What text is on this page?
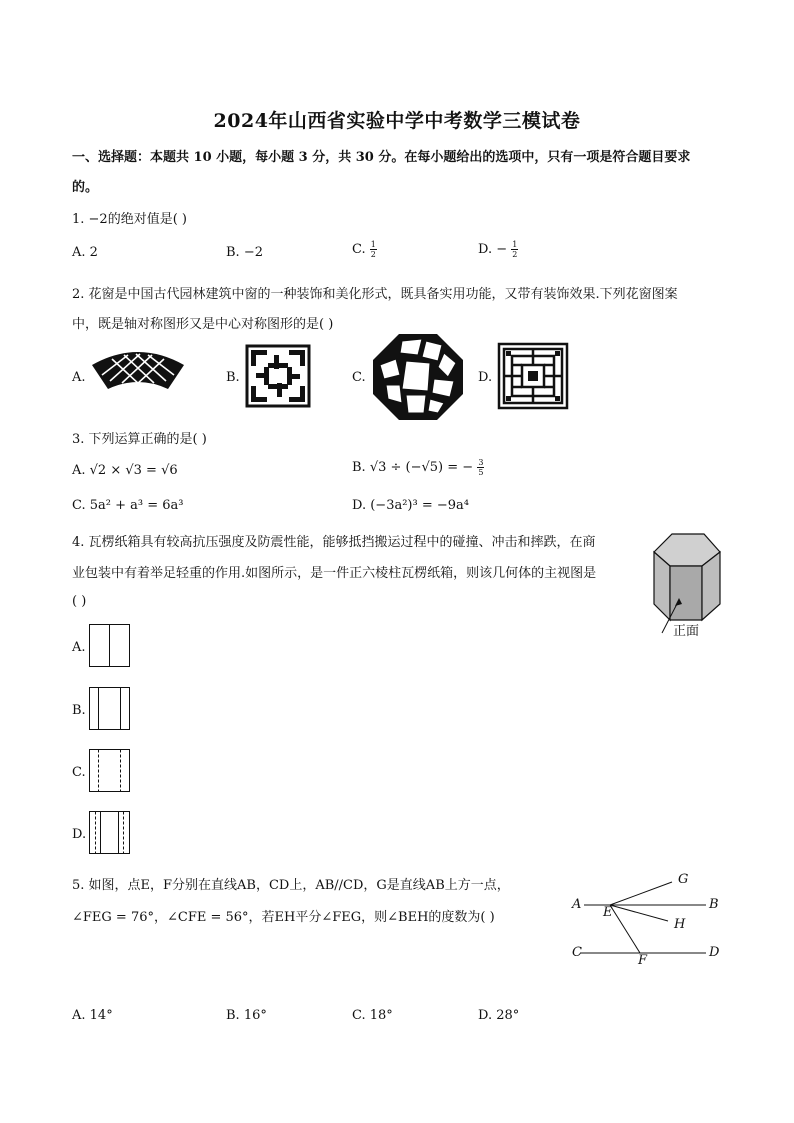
2024年山西省实验中学中考数学三模试卷
一、选择题：本题共 10 小题，每小题 3 分，共 30 分。在每小题给出的选项中，只有一项是符合题目要求
的。
1. −2的绝对值是( )
A. 2	B. −2	C. $\frac{1}{2}$	D. − $\frac{1}{2}$
2. 花窗是中国古代园林建筑中窗的一种装饰和美化形式，既具备实用功能，又带有装饰效果.下列花窗图案
中，既是轴对称图形又是中心对称图形的是( )
A.	B.	C.	D.
3. 下列运算正确的是( )
A. √2 × √3 = √6	B. √3 ÷ (−√5) = − $\frac{3}{5}$
C. 5a² + a³ = 6a³	D. (−3a²)³ = −9a⁴
4. 瓦楞纸箱具有较高抗压强度及防震性能，能够抵挡搬运过程中的碰撞、冲击和摔跌，在商
业包装中有着举足轻重的作用.如图所示，是一件正六棱柱瓦楞纸箱，则该几何体的主视图是
( )
正面
A.
B.
C.
D.
5. 如图，点E，F分别在直线AB，CD上，AB//CD，G是直线AB上方一点，
∠FEG = 76°，∠CFE = 56°，若EH平分∠FEG，则∠BEH的度数为( )
A	B
C	D
E
F
G
H
A. 14°	B. 16°	C. 18°	D. 28°
